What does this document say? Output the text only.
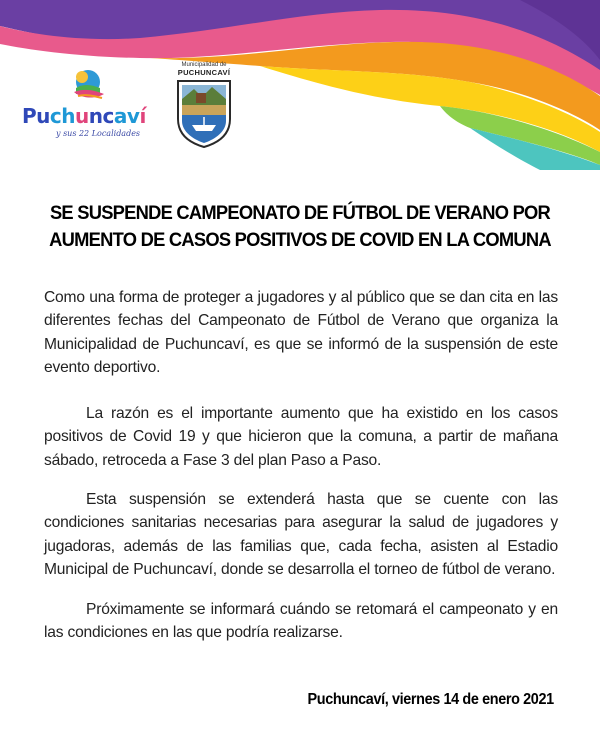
Puchuncaví
y sus 22 Localidades
Municipalidad de
PUCHUNCAVÍ
SE SUSPENDE CAMPEONATO DE FÚTBOL DE VERANO POR AUMENTO DE CASOS POSITIVOS DE COVID EN LA COMUNA
Como una forma de proteger a jugadores y al público que se dan cita en las diferentes fechas del Campeonato de Fútbol de Verano que organiza la Municipalidad de Puchuncaví, es que se informó de la suspensión de este evento deportivo.
La razón es el importante aumento que ha existido en los casos positivos de Covid 19 y que hicieron que la comuna, a partir de mañana sábado, retroceda a Fase 3 del plan Paso a Paso.
Esta suspensión se extenderá hasta que se cuente con las condiciones sanitarias necesarias para asegurar la salud de jugadores y jugadoras, además de las familias que, cada fecha, asisten al Estadio Municipal de Puchuncaví, donde se desarrolla el torneo de fútbol de verano.
Próximamente se informará cuándo se retomará el campeonato y en las condiciones en las que podría realizarse.
Puchuncaví, viernes 14 de enero 2021
